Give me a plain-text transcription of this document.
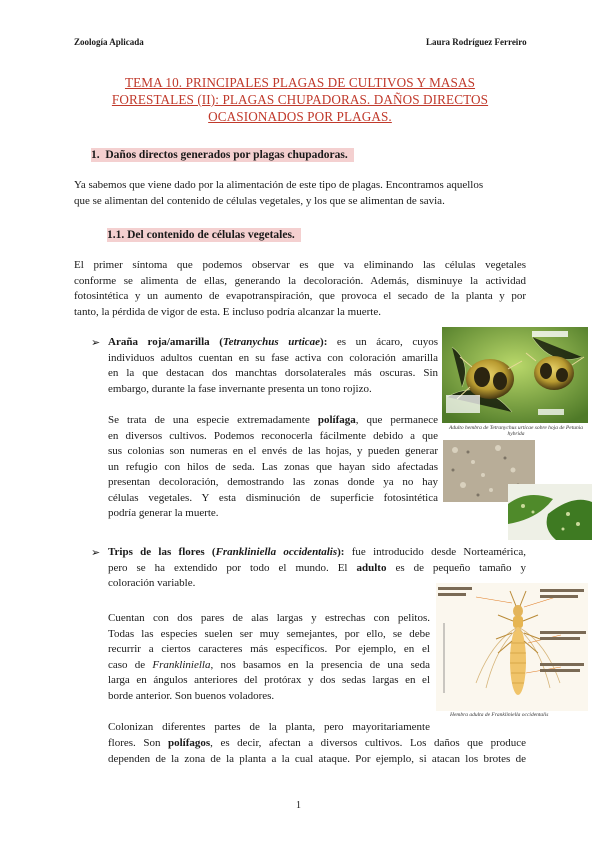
Zoología Aplicada	Laura Rodríguez Ferreiro
TEMA 10. PRINCIPALES PLAGAS DE CULTIVOS Y MASAS
FORESTALES (II): PLAGAS CHUPADORAS. DAÑOS DIRECTOS
OCASIONADOS POR PLAGAS.
1. Daños directos generados por plagas chupadoras.
Ya sabemos que viene dado por la alimentación de este tipo de plagas. Encontramos aquellos
que se alimentan del contenido de células vegetales, y los que se alimentan de savia.
1.1. Del contenido de células vegetales.
El primer síntoma que podemos observar es que va eliminando las células vegetales
conforme se alimenta de ellas, generando la decoloración. Además, disminuye la actividad
fotosintética y un aumento de evapotranspiración, que provoca el secado de la planta y por
tanto, la pérdida de vigor de esta. E incluso podría alcanzar la muerte.
➢ Araña roja/amarilla (Tetranychus urticae): es un ácaro, cuyos
individuos adultos cuentan en su fase activa con coloración amarilla
en la que destacan dos manchtas dorsolaterales más oscuras. Sin
embargo, durante la fase invernante presenta un tono rojizo.
Se trata de una especie extremadamente polífaga, que permanece
en diversos cultivos. Podemos reconocerla fácilmente debido a que
sus colonias son numeras en el envés de las hojas, y pueden generar
un refugio con hilos de seda. Las zonas que hayan sido afectadas
presentan decoloración, demostrando las zonas donde ya no hay
células vegetales. Y esta disminución de superficie fotosintética
podría generar la muerte.
Adulto hembra de Tetranychus urticae sobre hoja de Petunia hybrida
➢ Trips de las flores (Frankliniella occidentalis): fue introducido desde Norteamérica,
pero se ha extendido por todo el mundo. El adulto es de pequeño tamaño y
coloración variable.
Cuentan con dos pares de alas largas y estrechas con pelitos.
Todas las especies suelen ser muy semejantes, por ello, se debe
recurrir a ciertos caracteres más específicos. Por ejemplo, en el
caso de Frankliniella, nos basamos en la presencia de una seda
larga en ángulos anteriores del protórax y dos sedas largas en el
borde anterior. Son buenos voladores.
Colonizan diferentes partes de la planta, pero mayoritariamente
flores. Son polífagos, es decir, afectan a diversos cultivos. Los daños que produce
dependen de la zona de la planta a la cual ataque. Por ejemplo, si atacan los brotes de
Hembra adulta de Frankliniella occidentalis
1
